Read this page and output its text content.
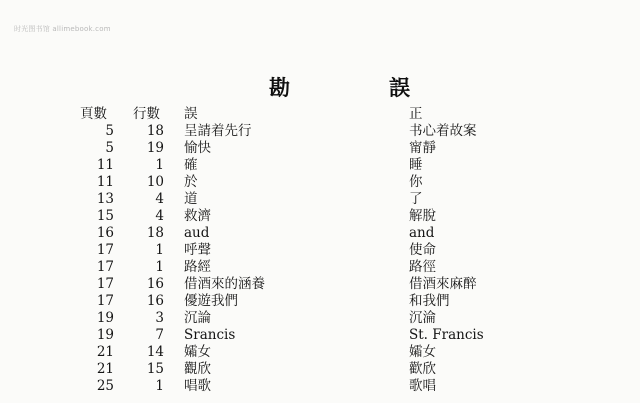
时光图书馆 allimebook.com
勘	誤
頁數	行數	誤	正
5	18 呈請着先行	书心着故案
5	19 愉快	甯靜
11	1 確	睡
11	10 於	你
13	4 道	了
15	4 救濟	解脫
16	18 aud	and
17	1 呼聲	使命
17	1 路經	路徑
17	16 借酒來的涵養	借酒來麻醉
17	16 優遊我們	和我們
19	3 沉論	沉淪
19	7 Srancis	St. Francis
21	14 孀女	孀女
21	15 觀欣	歡欣
25	1 唱歌	歌唱
